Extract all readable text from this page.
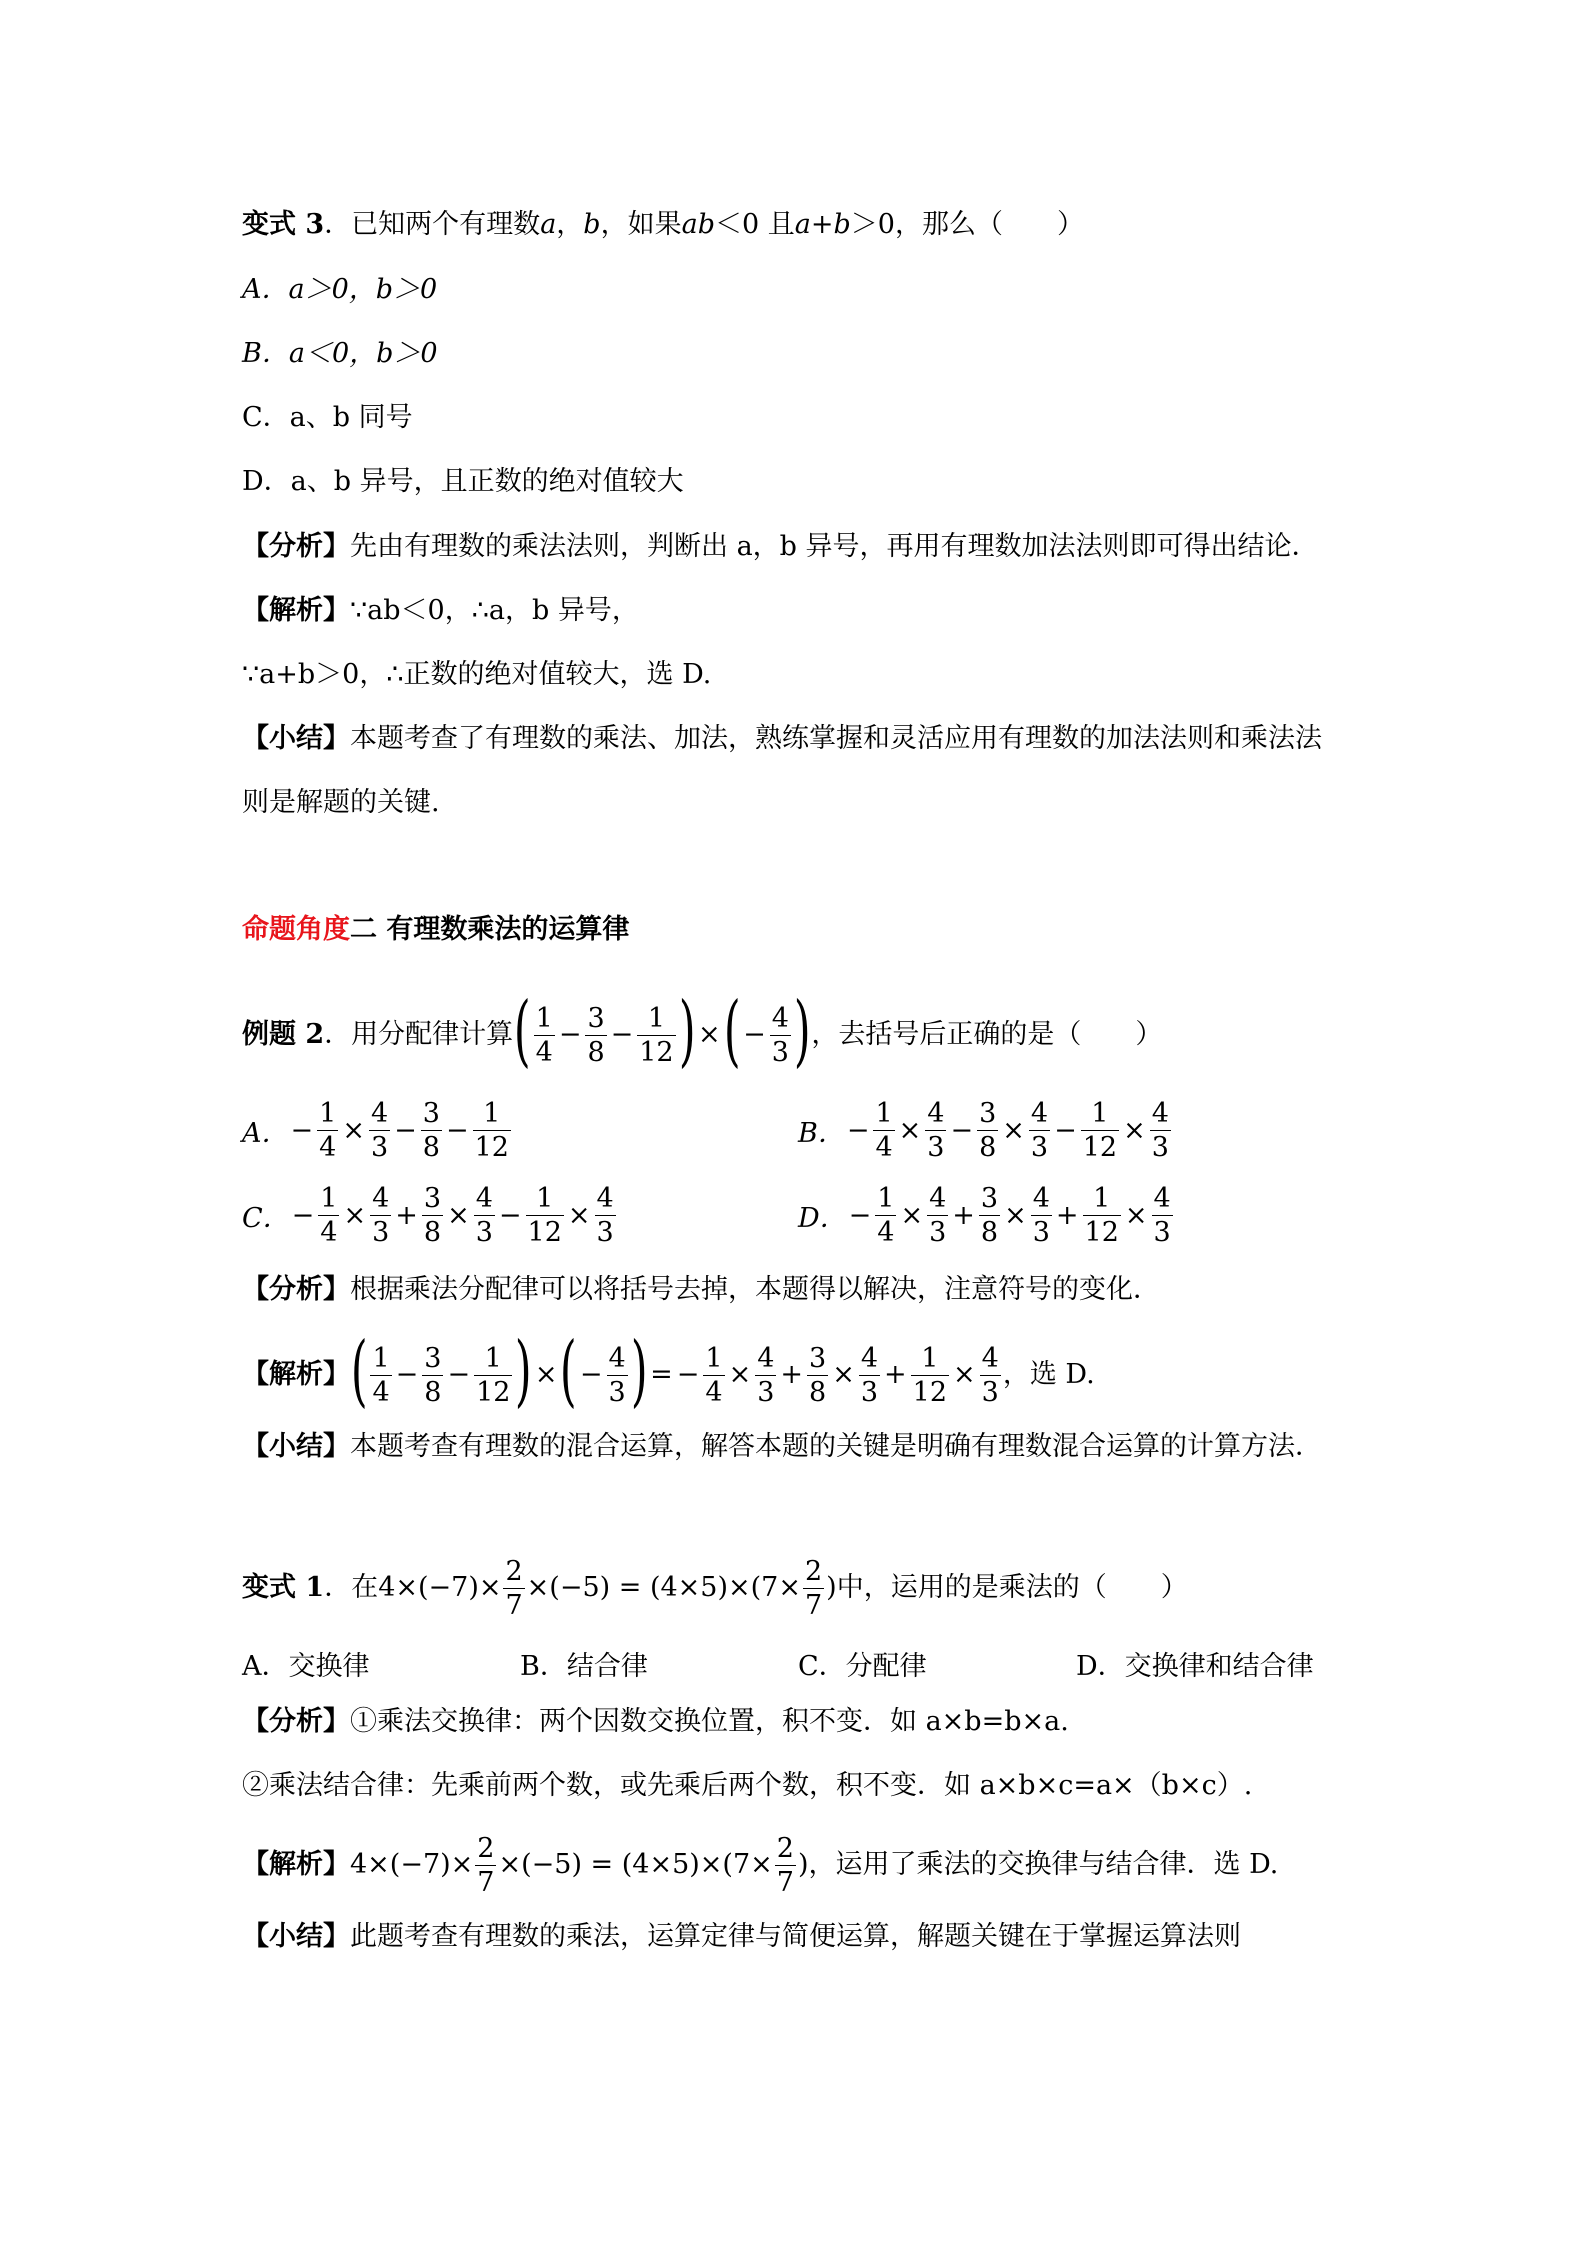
变式 3 ．已知两个有理数 a ， b ，如果 ab ＜0 且 a + b ＞0，那么（　　）
A．a＞0，b＞0
B．a＜0，b＞0
C．a、b 同号
D．a、b 异号，且正数的绝对值较大
【分析】 先由有理数的乘法法则，判断出 a，b 异号，再用有理数加法法则即可得出结论．
【解析】 ∵ab＜0，∴a，b 异号，
∵a+b＞0，∴正数的绝对值较大，选 D.
【小结】 本题考查了有理数的乘法、加法，熟练掌握和灵活应用有理数的加法法则和乘法法
则是解题的关键.
命题角度 二 有理数乘法的运算律
例题 2 ．用分配律计算 ( $\frac{1}{4} - \frac{3}{8} - \frac{1}{12}$ ) × ( − $\frac{4}{3}$ ) ，去括号后正确的是（　　）
A． − $\frac{1}{4} \times \frac{4}{3} - \frac{3}{8} - \frac{1}{12}$	B． − $\frac{1}{4} \times \frac{4}{3} - \frac{3}{8} \times \frac{4}{3} - \frac{1}{12} \times \frac{4}{3}$
C． − $\frac{1}{4} \times \frac{4}{3} + \frac{3}{8} \times \frac{4}{3} - \frac{1}{12} \times \frac{4}{3}$	D． − $\frac{1}{4} \times \frac{4}{3} + \frac{3}{8} \times \frac{4}{3} + \frac{1}{12} \times \frac{4}{3}$
【分析】 根据乘法分配律可以将括号去掉，本题得以解决，注意符号的变化．
【解析】 ( $\frac{1}{4} - \frac{3}{8} - \frac{1}{12}$ ) × ( − $\frac{4}{3}$ ) = − $\frac{1}{4} \times \frac{4}{3} + \frac{3}{8} \times \frac{4}{3} + \frac{1}{12} \times \frac{4}{3}$ ，选 D.
【小结】 本题考查有理数的混合运算，解答本题的关键是明确有理数混合运算的计算方法．
变式 1 ．在 $4\times(-7)\times \frac{2}{7} \times(-5) = (4\times 5)\times(7\times \frac{2}{7}$ ) 中，运用的是乘法的（　　）
A．交换律	B．结合律	C．分配律	D．交换律和结合律
【分析】 ①乘法交换律：两个因数交换位置，积不变．如 a×b=b×a.
②乘法结合律：先乘前两个数，或先乘后两个数，积不变．如 a×b×c=a×（b×c）.
【解析】 $4\times(-7)\times \frac{2}{7} \times(-5) = (4\times 5)\times(7\times \frac{2}{7}$ ) ，运用了乘法的交换律与结合律．选 D.
【小结】 此题考查有理数的乘法，运算定律与简便运算，解题关键在于掌握运算法则
